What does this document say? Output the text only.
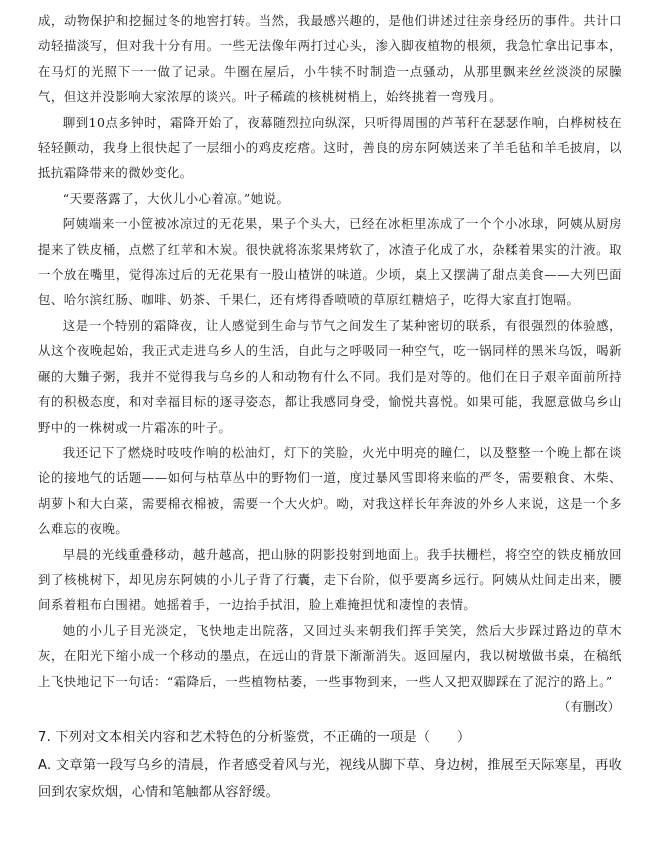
成，动物保护和挖掘过冬的地窖打转。当然，我最感兴趣的，是他们讲述过往亲身经历的事件。共计口动轻描淡写，但对我十分有用。一些无法像年两打过心头，渗入脚夜植物的根须，我急忙拿出记事本，在马灯的光照下一一做了记录。牛圈在屋后，小牛犊不时制造一点骚动，从那里飘来丝丝淡淡的尿臊气，但这并没影响大家浓厚的谈兴。叶子稀疏的核桃树梢上，始终挑着一弯残月。

聊到10点多钟时，霜降开始了，夜幕随烈拉向纵深，只听得周围的芦苇秆在瑟瑟作响，白桦树枝在轻轻颤动，我身上很快起了一层细小的鸡皮疙瘩。这时，善良的房东阿姨送来了羊毛毡和羊毛披肩，以抵抗霜降带来的微妙变化。

“天要落露了，大伙儿小心着凉。”她说。

阿姨端来一小筐被冰凉过的无花果，果子个头大，已经在冰柜里冻成了一个个小冰球，阿姨从厨房提来了铁皮桶，点燃了红苹和木炭。很快就将冻浆果烤软了，冰渣子化成了水，杂糅着果实的汁液。取一个放在嘴里，觉得冻过后的无花果有一股山楂饼的味道。少顷，桌上又摆满了甜点美食——大列巴面包、哈尔滨红肠、咖啡、奶茶、千果仁，还有烤得香喷喷的草原红糖焙子，吃得大家直打饱嗝。

这是一个特别的霜降夜，让人感觉到生命与节气之间发生了某种密切的联系，有很强烈的体验感，从这个夜晚起始，我正式走进乌乡人的生活，自此与之呼吸同一种空气，吃一锅同样的黑米乌饭，喝新碾的大麯子粥，我并不觉得我与乌乡的人和动物有什么不同。我们是对等的。他们在日子艰辛面前所持有的积极态度，和对幸福目标的逐寻姿态，都让我感同身受，愉悦共喜悦。如果可能，我愿意做乌乡山野中的一株树或一片霜冻的叶子。

我还记下了燃烧时吱吱作响的松油灯，灯下的笑脸，火光中明亮的瞳仁，以及整整一个晚上都在谈论的接地气的话题——如何与枯草丛中的野物们一道，度过暴风雪即将来临的严冬，需要粮食、木柴、胡萝卜和大白菜，需要棉衣棉被，需要一个大火炉。呦，对我这样长年奔波的外乡人来说，这是一个多么难忘的夜晚。

早晨的光线重叠移动，越升越高，把山脉的阴影投射到地面上。我手扶栅栏，将空空的铁皮桶放回到了核桃树下，却见房东阿姨的小儿子背了行囊，走下台阶，似乎要离乡远行。阿姨从灶间走出来，腰间系着粗布白围裙。她摇着手，一边抬手拭泪，脸上难掩担忧和凄惶的表情。

她的小儿子目光淡定，飞快地走出院落，又回过头来朝我们挥手笑笑，然后大步踩过路边的草木灰，在阳光下缩小成一个移动的墨点，在远山的背景下渐渐消失。返回屋内，我以树墩做书桌，在稿纸上飞快地记下一句话：“霜降后，一些植物枯萎，一些事物到来，一些人又把双脚踩在了泥泞的路上。”

（有删改）

7. 下列对文本相关内容和艺术特色的分析鉴赏，不正确的一项是（　　）

A. 文章第一段写乌乡的清晨，作者感受着风与光，视线从脚下草、身边树，推展至天际寒星，再收回到农家炊烟，心情和笔触都从容舒缓。
